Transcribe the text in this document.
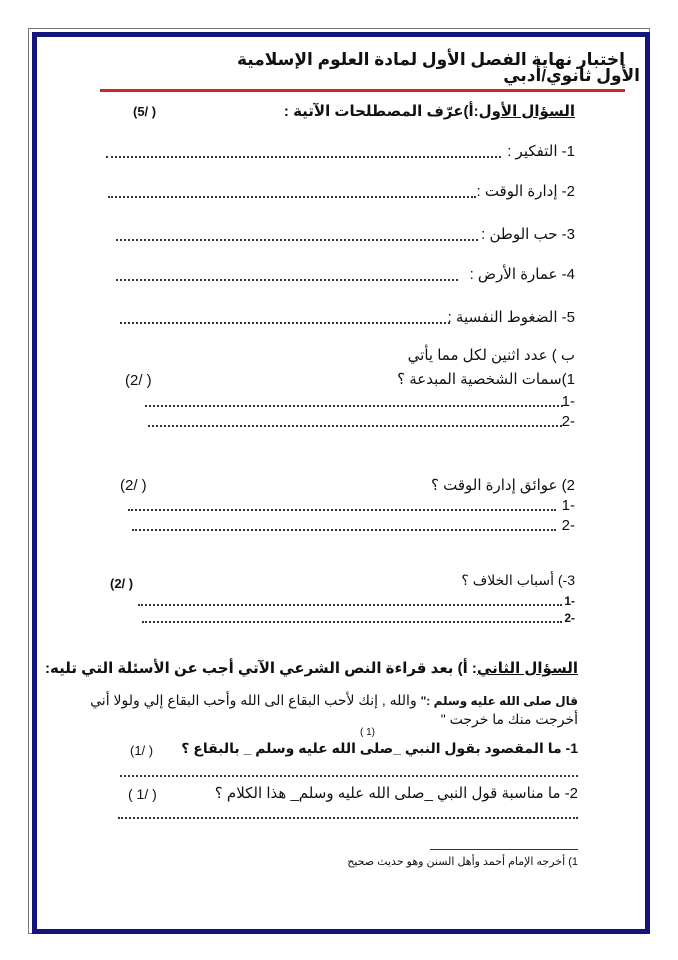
اختبار نهاية الفصل الأول لمادة العلوم الإسلامية
الأول ثانوي/أدبي
السؤال الأول:أ)عرّف المصطلحات الآتية :
(5/ )
1- التفكير :
2- إدارة الوقت :
3- حب الوطن :
4- عمارة الأرض :
5- الضغوط النفسية :
ب ) عدد اثنين لكل مما يأتي
1)سمات الشخصية المبدعة ؟
(2/ )
-1
-2
2) عوائق إدارة الوقت ؟
(2/ )
-1
-2
3-) أسباب الخلاف ؟
(2/ )
-1
-2
السؤال الثاني: أ) بعد قراءة النص الشرعي الآتي أجب عن الأسئلة التي تليه:
قال صلى الله عليه وسلم :" والله , إنك لأحب البقاع الى الله وأحب البقاع إلي ولولا أني
أخرجت منك ما خرجت "
( 1)
1- ما المقصود بقول النبي _صلى الله عليه وسلم _ بالبقاع ؟
(1/ )
2- ما مناسبة قول النبي _صلى الله عليه وسلم_ هذا الكلام ؟
( 1/ )
1) أخرجه الإمام أحمد وأهل السنن وهو حديث صحيح
